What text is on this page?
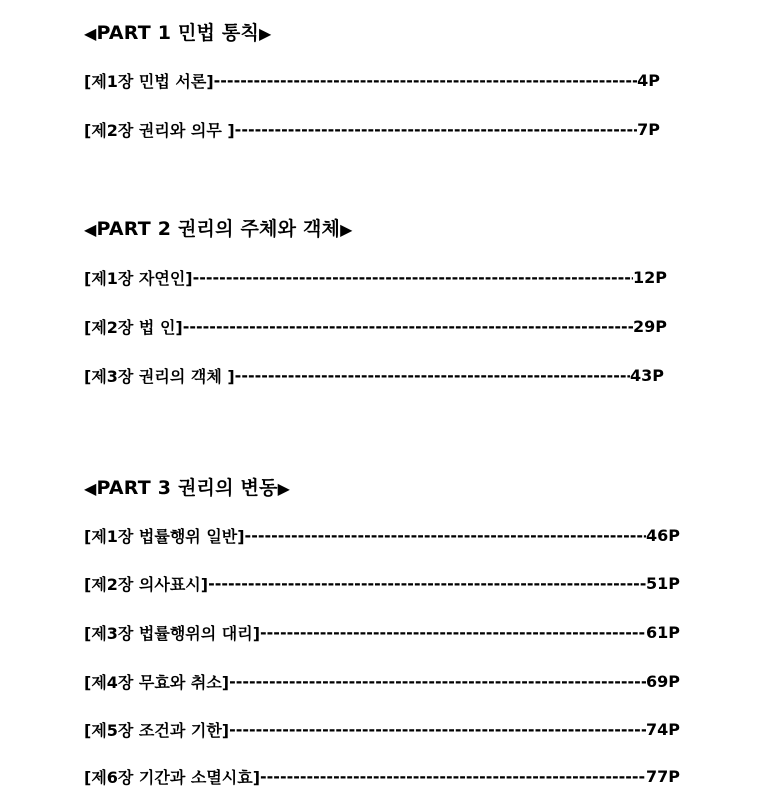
◀PART 1 민법 통칙▶
[제1장 민법 서론] -----	4P
[제2장 권리와 의무 ] -----	7P
◀PART 2 권리의 주체와 객체▶
[제1장 자연인] -----	12P
[제2장 법 인] -----	29P
[제3장 권리의 객체 ] -----	43P
◀PART 3 권리의 변동▶
[제1장 법률행위 일반] -----	46P
[제2장 의사표시] -----	51P
[제3장 법률행위의 대리] -----	61P
[제4장 무효와 취소] -----	69P
[제5장 조건과 기한] -----	74P
[제6장 기간과 소멸시효] -----	77P
